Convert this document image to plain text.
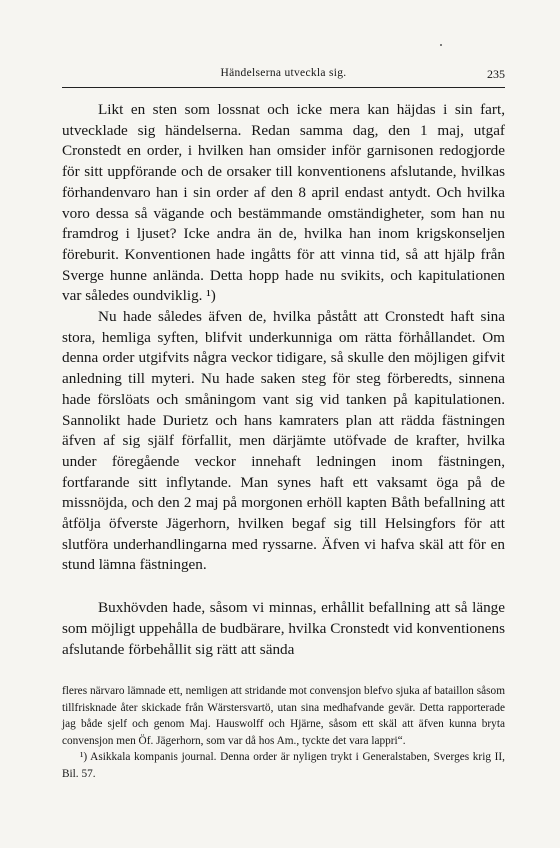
Händelserna utveckla sig.	235

Likt en sten som lossnat och icke mera kan häjdas i sin fart, utvecklade sig händelserna. Redan samma dag, den 1 maj, utgaf Cronstedt en order, i hvilken han omsider inför garnisonen redogjorde för sitt uppförande och de orsaker till konventionens afslutande, hvilkas förhandenvaro han i sin order af den 8 april endast antydt. Och hvilka voro dessa så vägande och bestämmande omständigheter, som han nu framdrog i ljuset? Icke andra än de, hvilka han inom krigskonseljen föreburit. Konventionen hade ingåtts för att vinna tid, så att hjälp från Sverge hunne anlända. Detta hopp hade nu svikits, och kapitulationen var således oundviklig. ¹)

Nu hade således äfven de, hvilka påstått att Cronstedt haft sina stora, hemliga syften, blifvit underkunniga om rätta förhållandet. Om denna order utgifvits några veckor tidigare, så skulle den möjligen gifvit anledning till myteri. Nu hade saken steg för steg förberedts, sinnena hade förslöats och småningom vant sig vid tanken på kapitulationen. Sannolikt hade Durietz och hans kamraters plan att rädda fästningen äfven af sig själf förfallit, men därjämte utöfvade de krafter, hvilka under föregående veckor innehaft ledningen inom fästningen, fortfarande sitt inflytande. Man synes haft ett vaksamt öga på de missnöjda, och den 2 maj på morgonen erhöll kapten Båth befallning att åtfölja öfverste Jägerhorn, hvilken begaf sig till Helsingfors för att slutföra underhandlingarna med ryssarne. Äfven vi hafva skäl att för en stund lämna fästningen.

Buxhövden hade, såsom vi minnas, erhållit befallning att så länge som möjligt uppehålla de budbärare, hvilka Cronstedt vid konventionens afslutande förbehållit sig rätt att sända

fleres närvaro lämnade ett, nemligen att stridande mot convensjon blefvo sjuka af bataillon såsom tillfrisknade åter skickade från Wärstersvartö, utan sina medhafvande gevär. Detta rapporterade jag både sjelf och genom Maj. Hauswolff och Hjärne, såsom ett skäl att äfven kunna bryta convensjon men Öf. Jägerhorn, som var då hos Am., tyckte det vara lappri“.

¹) Asikkala kompanis journal. Denna order är nyligen trykt i Generalstaben, Sverges krig II, Bil. 57.
